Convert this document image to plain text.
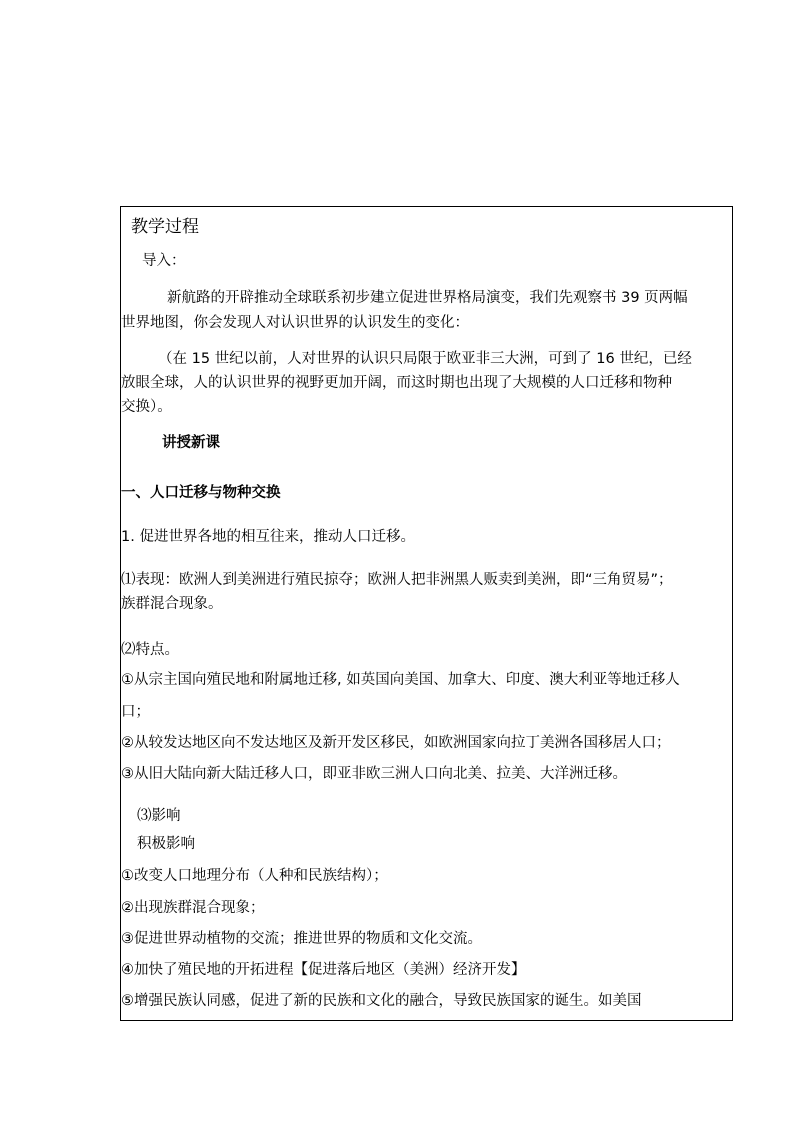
教学过程
导入：
新航路的开辟推动全球联系初步建立促进世界格局演变，我们先观察书 39 页两幅
世界地图，你会发现人对认识世界的认识发生的变化：
（在 15 世纪以前，人对世界的认识只局限于欧亚非三大洲，可到了 16 世纪，已经
放眼全球，人的认识世界的视野更加开阔，而这时期也出现了大规模的人口迁移和物种
交换）。
讲授新课
一、人口迁移与物种交换
1. 促进世界各地的相互往来，推动人口迁移。
⑴表现：欧洲人到美洲进行殖民掠夺；欧洲人把非洲黑人贩卖到美洲，即“三角贸易”；
族群混合现象。
⑵特点。
①从宗主国向殖民地和附属地迁移, 如英国向美国、加拿大、印度、澳大利亚等地迁移人
口；
②从较发达地区向不发达地区及新开发区移民，如欧洲国家向拉丁美洲各国移居人口；
③从旧大陆向新大陆迁移人口，即亚非欧三洲人口向北美、拉美、大洋洲迁移。
⑶影响
积极影响
①改变人口地理分布（人种和民族结构）；
②出现族群混合现象；
③促进世界动植物的交流；推进世界的物质和文化交流。
④加快了殖民地的开拓进程【促进落后地区（美洲）经济开发】
⑤增强民族认同感，促进了新的民族和文化的融合，导致民族国家的诞生。如美国
